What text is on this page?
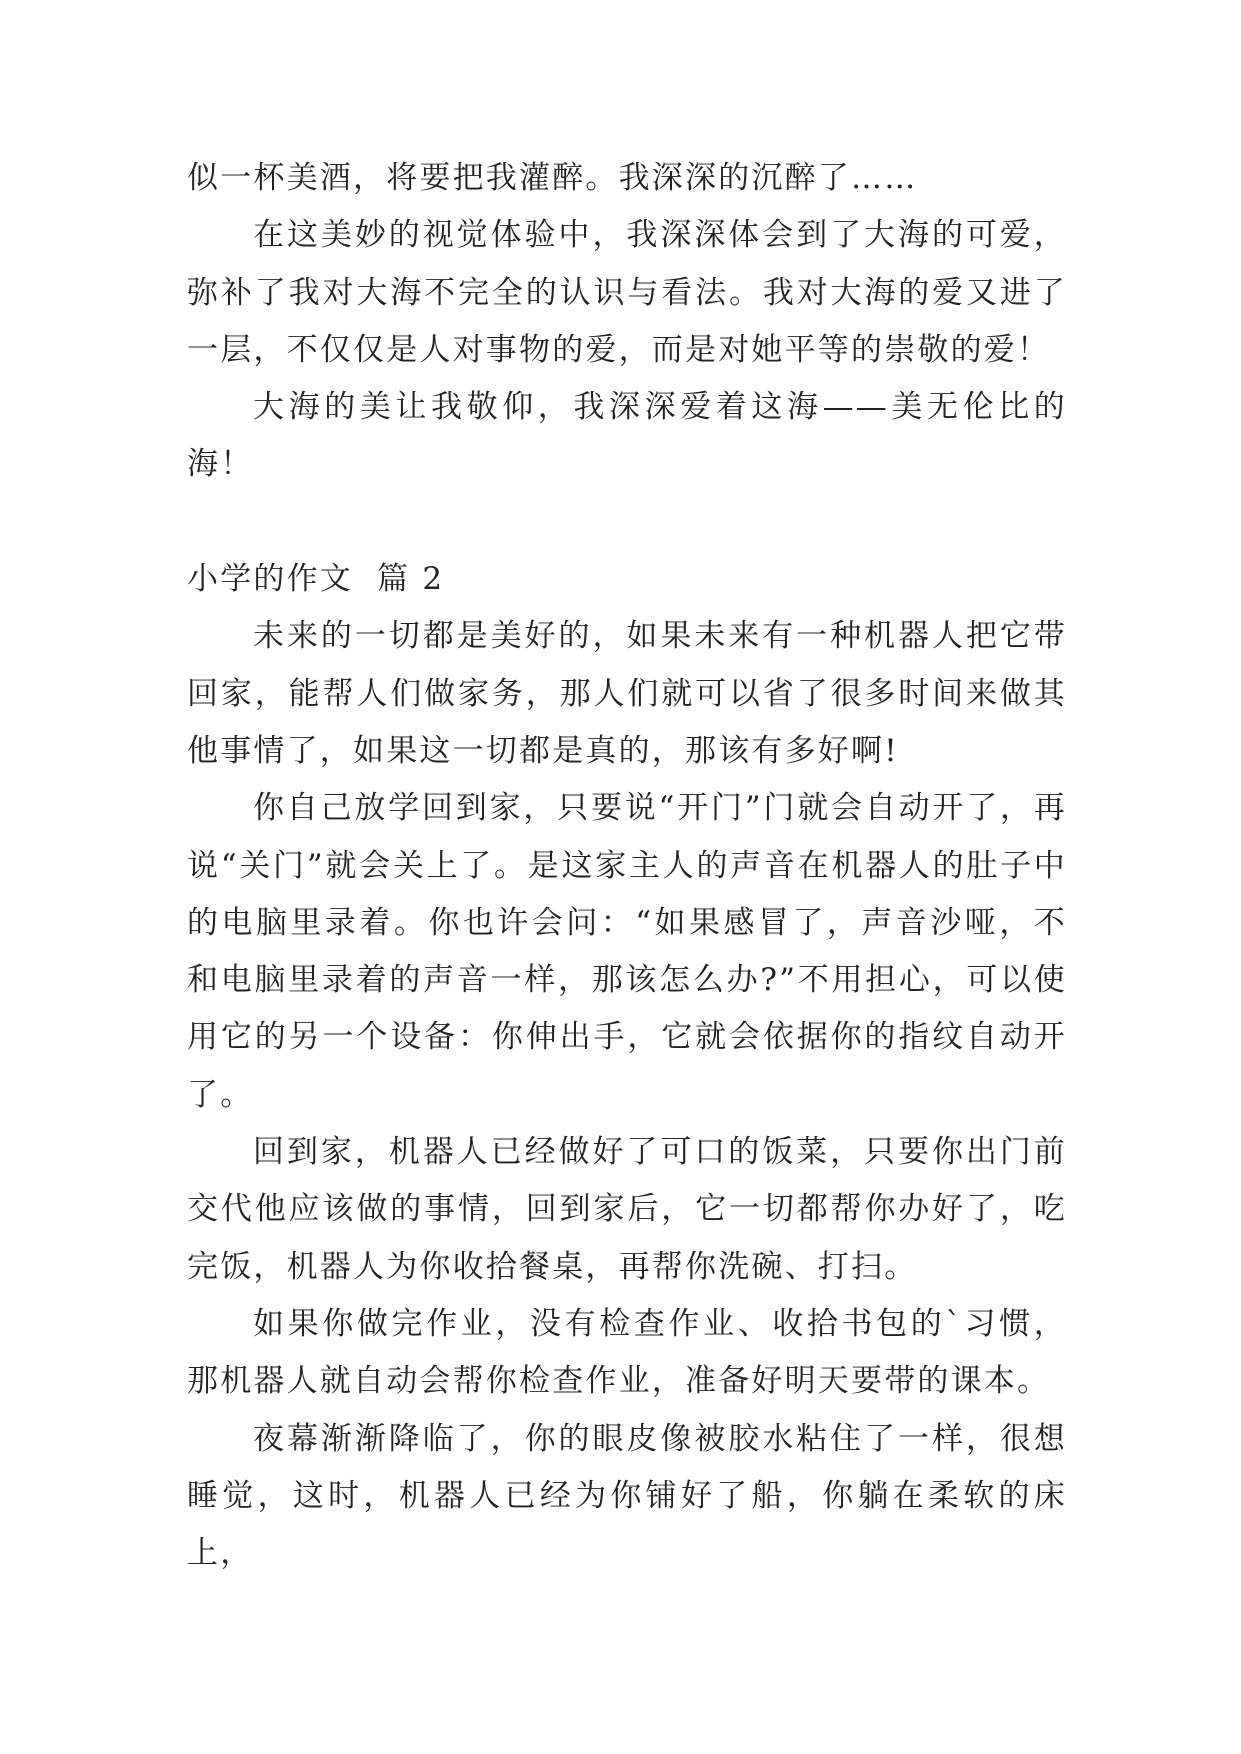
似一杯美酒，将要把我灌醉。我深深的沉醉了……

在这美妙的视觉体验中，我深深体会到了大海的可爱，弥补了我对大海不完全的认识与看法。我对大海的爱又进了一层，不仅仅是人对事物的爱，而是对她平等的崇敬的爱！

大海的美让我敬仰，我深深爱着这海——美无伦比的海！

小学的作文  篇 2

未来的一切都是美好的，如果未来有一种机器人把它带回家，能帮人们做家务，那人们就可以省了很多时间来做其他事情了，如果这一切都是真的，那该有多好啊!

你自己放学回到家，只要说“开门”门就会自动开了，再说“关门”就会关上了。是这家主人的声音在机器人的肚子中的电脑里录着。你也许会问：“如果感冒了，声音沙哑，不和电脑里录着的声音一样，那该怎么办?”不用担心，可以使用它的另一个设备：你伸出手，它就会依据你的指纹自动开了。

回到家，机器人已经做好了可口的饭菜，只要你出门前交代他应该做的事情，回到家后，它一切都帮你办好了，吃完饭，机器人为你收拾餐桌，再帮你洗碗、打扫。

如果你做完作业，没有检查作业、收拾书包的`习惯，那机器人就自动会帮你检查作业，准备好明天要带的课本。

夜幕渐渐降临了，你的眼皮像被胶水粘住了一样，很想睡觉，这时，机器人已经为你铺好了船，你躺在柔软的床上，
